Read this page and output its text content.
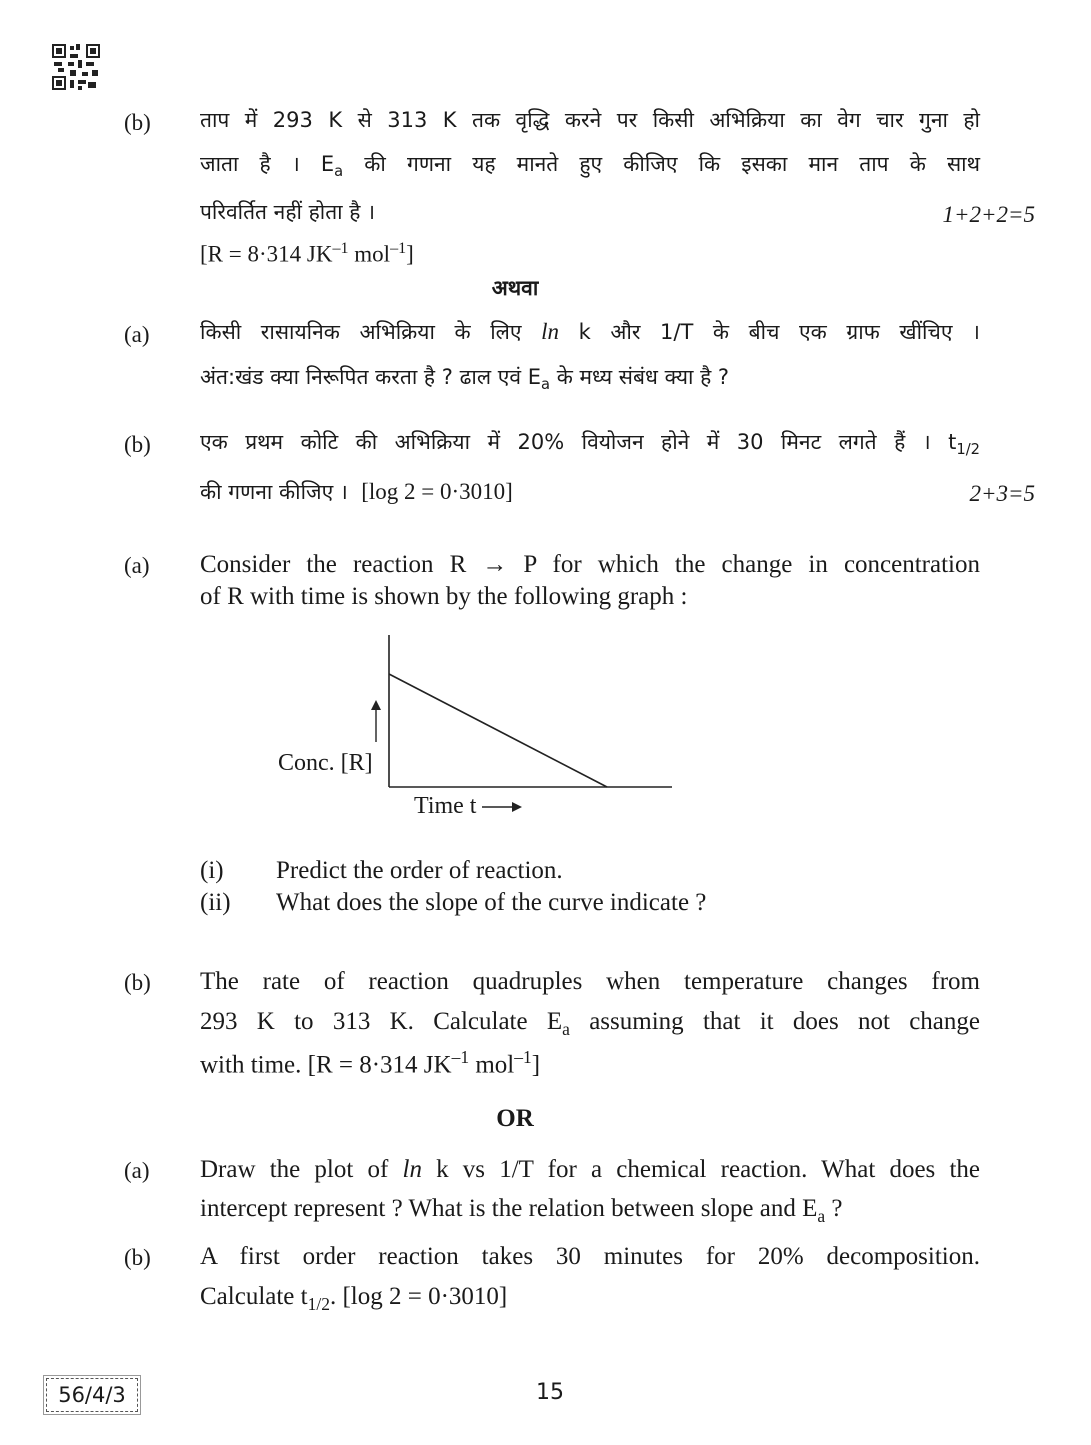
(b) ताप में 293 K से 313 K तक वृद्धि करने पर किसी अभिक्रिया का वेग चार गुना हो
जाता है । $E_a$ की गणना यह मानते हुए कीजिए कि इसका मान ताप के साथ
परिवर्तित नहीं होता है ।	1+2+2=5
[R = 8·314 $JK^{-1}$ mol$^{-1}$]
अथवा
(a) किसी रासायनिक अभिक्रिया के लिए ln k और 1/T के बीच एक ग्राफ खींचिए ।
अंत:खंड क्या निरूपित करता है ? ढाल एवं $E_a$ के मध्य संबंध क्या है ?
(b) एक प्रथम कोटि की अभिक्रिया में 20% वियोजन होने में 30 मिनट लगते हैं । $t_{1/2}$
की गणना कीजिए । [log 2 = 0·3010]	2+3=5
(a) Consider the reaction R → P for which the change in concentration
of R with time is shown by the following graph :
Conc. [R]
Time t
(i) Predict the order of reaction.
(ii) What does the slope of the curve indicate ?
(b) The rate of reaction quadruples when temperature changes from
293 K to 313 K. Calculate $E_a$ assuming that it does not change
with time. [R = 8·314 $JK^{-1}$ mol$^{-1}$]
OR
(a) Draw the plot of ln k vs 1/T for a chemical reaction. What does the
intercept represent ? What is the relation between slope and $E_a$ ?
(b) A first order reaction takes 30 minutes for 20% decomposition.
Calculate $t_{1/2}$. [log 2 = 0·3010]
56/4/3	15
